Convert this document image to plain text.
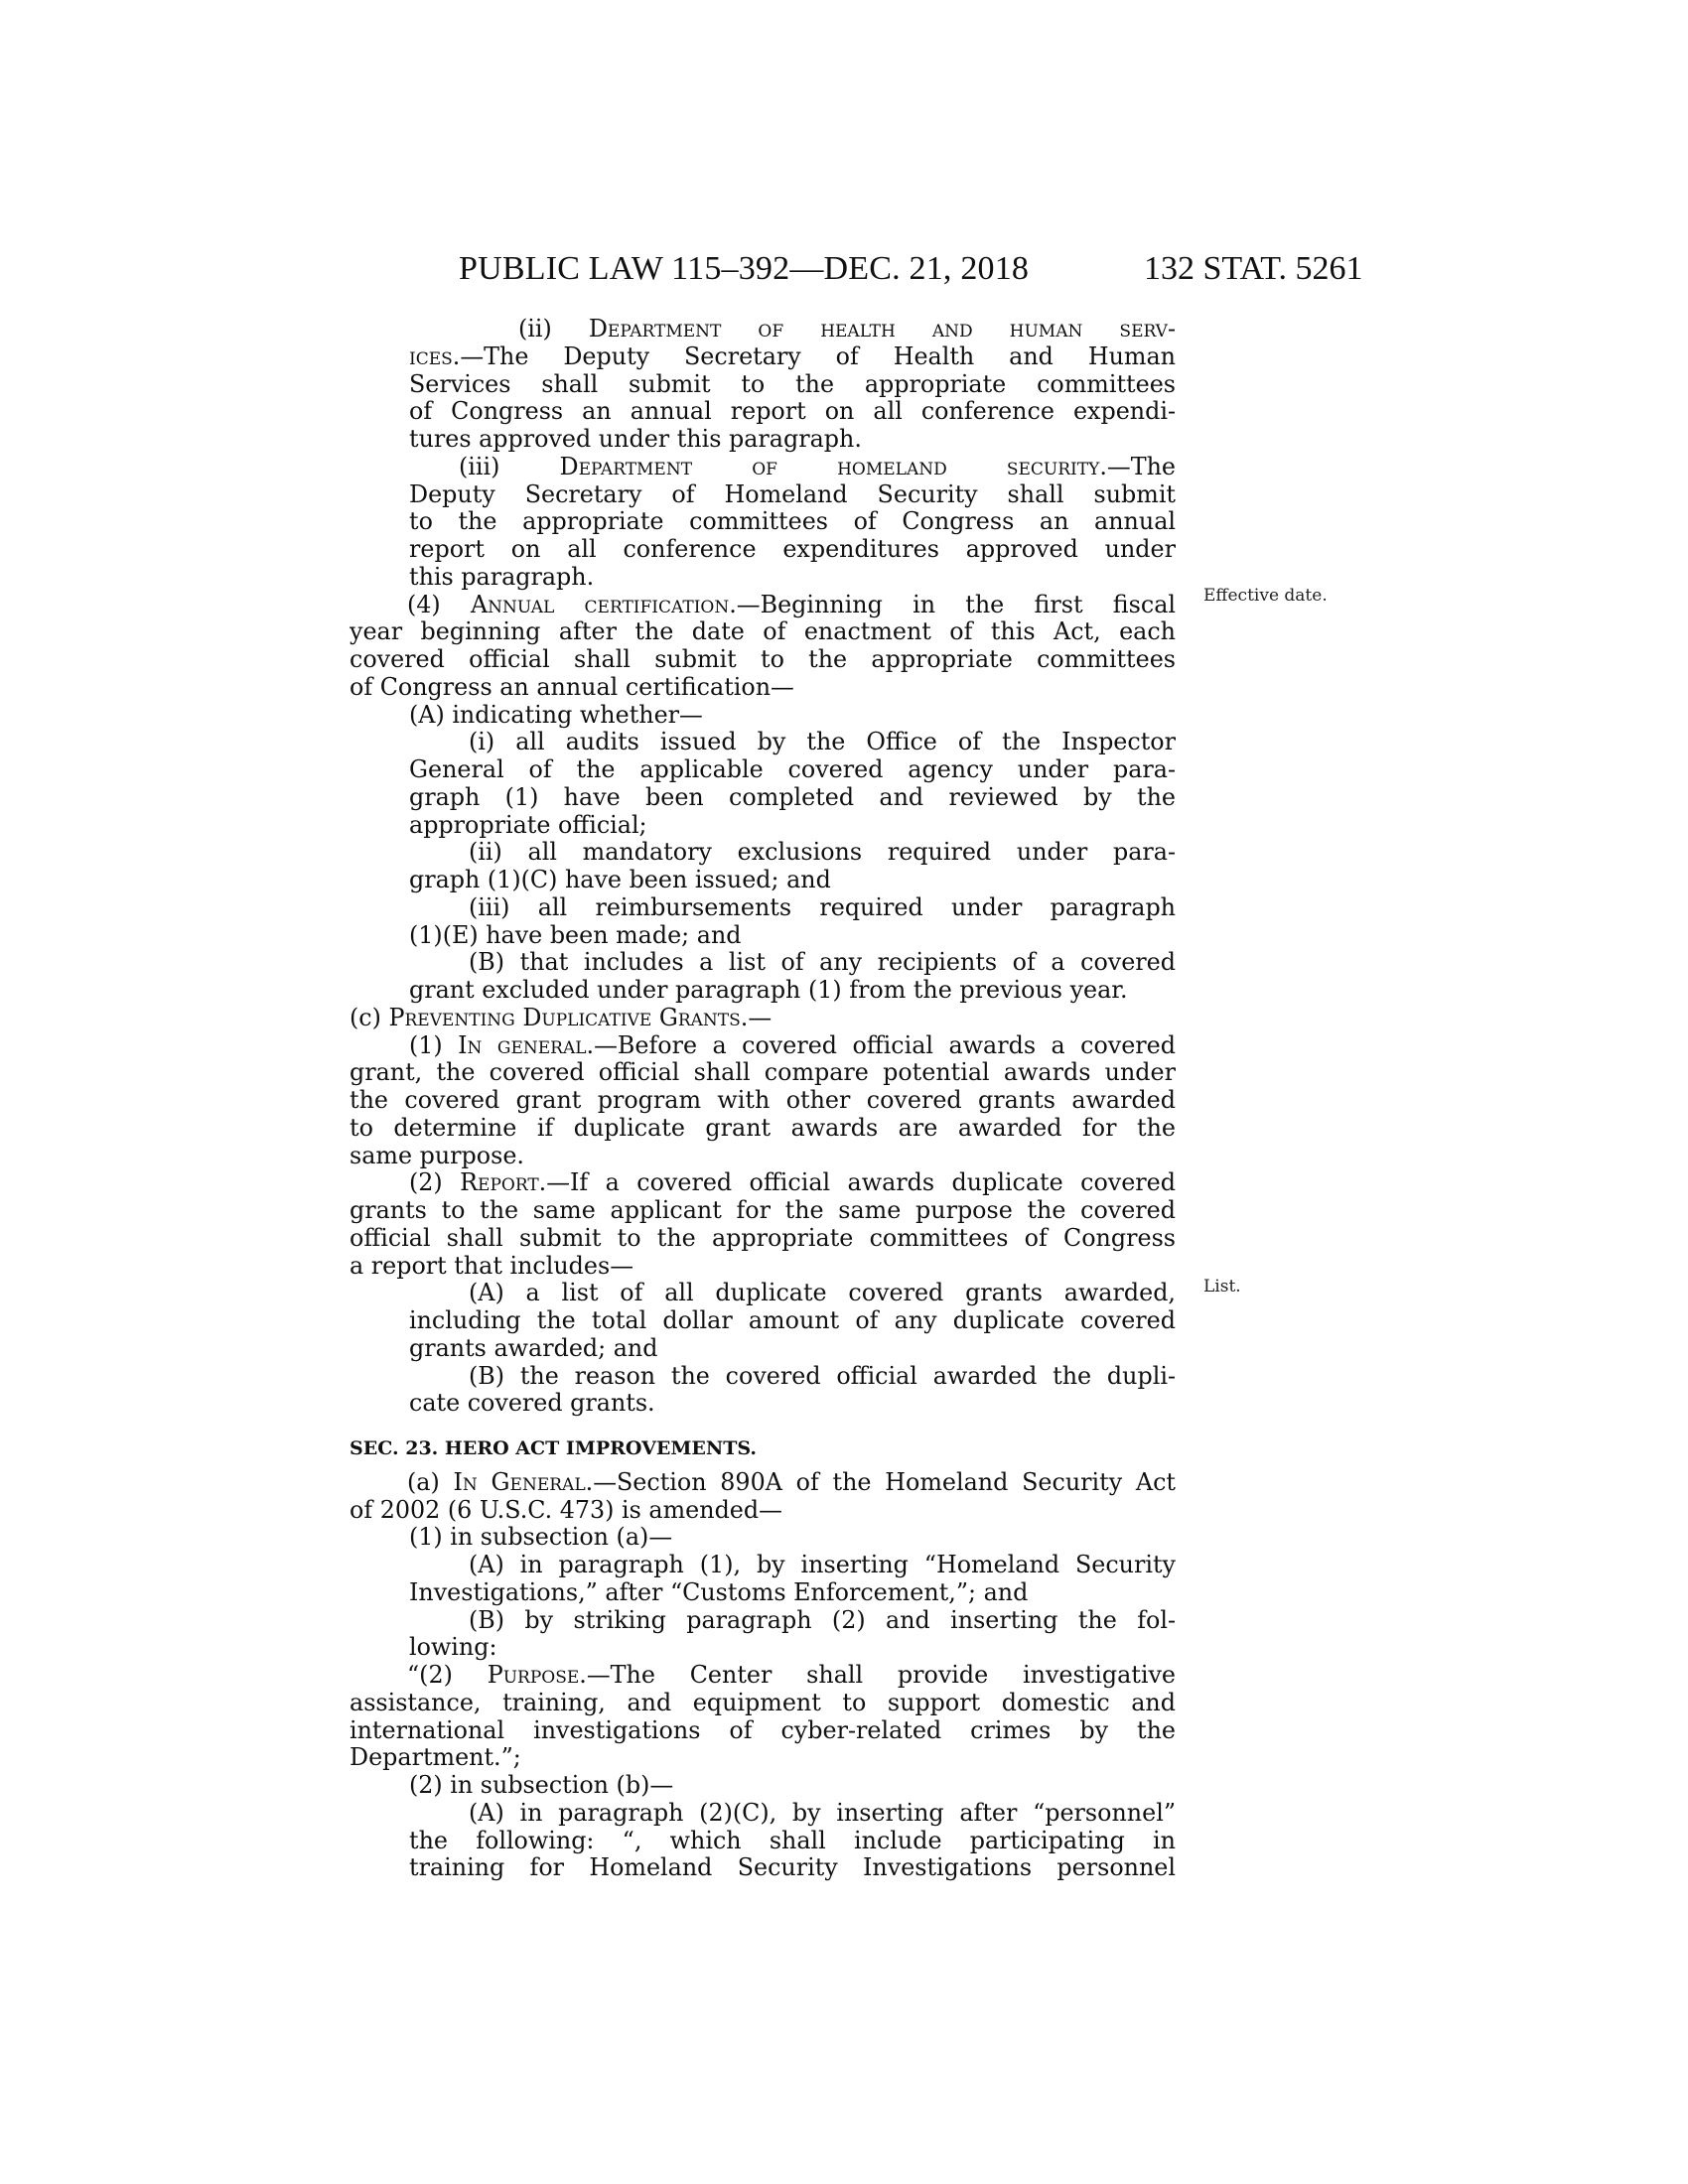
PUBLIC LAW 115–392—DEC. 21, 2018	132 STAT. 5261
Effective date.
List.

(ii) Department of health and human serv-

ices.—The Deputy Secretary of Health and Human

Services shall submit to the appropriate committees

of Congress an annual report on all conference expendi-

tures approved under this paragraph.

(iii) Department of homeland security.—The

Deputy Secretary of Homeland Security shall submit

to the appropriate committees of Congress an annual

report on all conference expenditures approved under

this paragraph.

(4) Annual certification.—Beginning in the first fiscal

year beginning after the date of enactment of this Act, each

covered official shall submit to the appropriate committees

of Congress an annual certification—

(A) indicating whether—

(i) all audits issued by the Office of the Inspector

General of the applicable covered agency under para-

graph (1) have been completed and reviewed by the

appropriate official;

(ii) all mandatory exclusions required under para-

graph (1)(C) have been issued; and

(iii) all reimbursements required under paragraph

(1)(E) have been made; and

(B) that includes a list of any recipients of a covered

grant excluded under paragraph (1) from the previous year.

(c) Preventing Duplicative Grants.—

(1) In general.—Before a covered official awards a covered

grant, the covered official shall compare potential awards under

the covered grant program with other covered grants awarded

to determine if duplicate grant awards are awarded for the

same purpose.

(2) Report.—If a covered official awards duplicate covered

grants to the same applicant for the same purpose the covered

official shall submit to the appropriate committees of Congress

a report that includes—

(A) a list of all duplicate covered grants awarded,

including the total dollar amount of any duplicate covered

grants awarded; and

(B) the reason the covered official awarded the dupli-

cate covered grants.

SEC. 23. HERO ACT IMPROVEMENTS.

(a) In General.—Section 890A of the Homeland Security Act

of 2002 (6 U.S.C. 473) is amended—

(1) in subsection (a)—

(A) in paragraph (1), by inserting “Homeland Security

Investigations,” after “Customs Enforcement,”; and

(B) by striking paragraph (2) and inserting the fol-

lowing:

“(2) Purpose.—The Center shall provide investigative

assistance, training, and equipment to support domestic and

international investigations of cyber-related crimes by the

Department.”;

(2) in subsection (b)—

(A) in paragraph (2)(C), by inserting after “personnel”

the following: “, which shall include participating in

training for Homeland Security Investigations personnel
